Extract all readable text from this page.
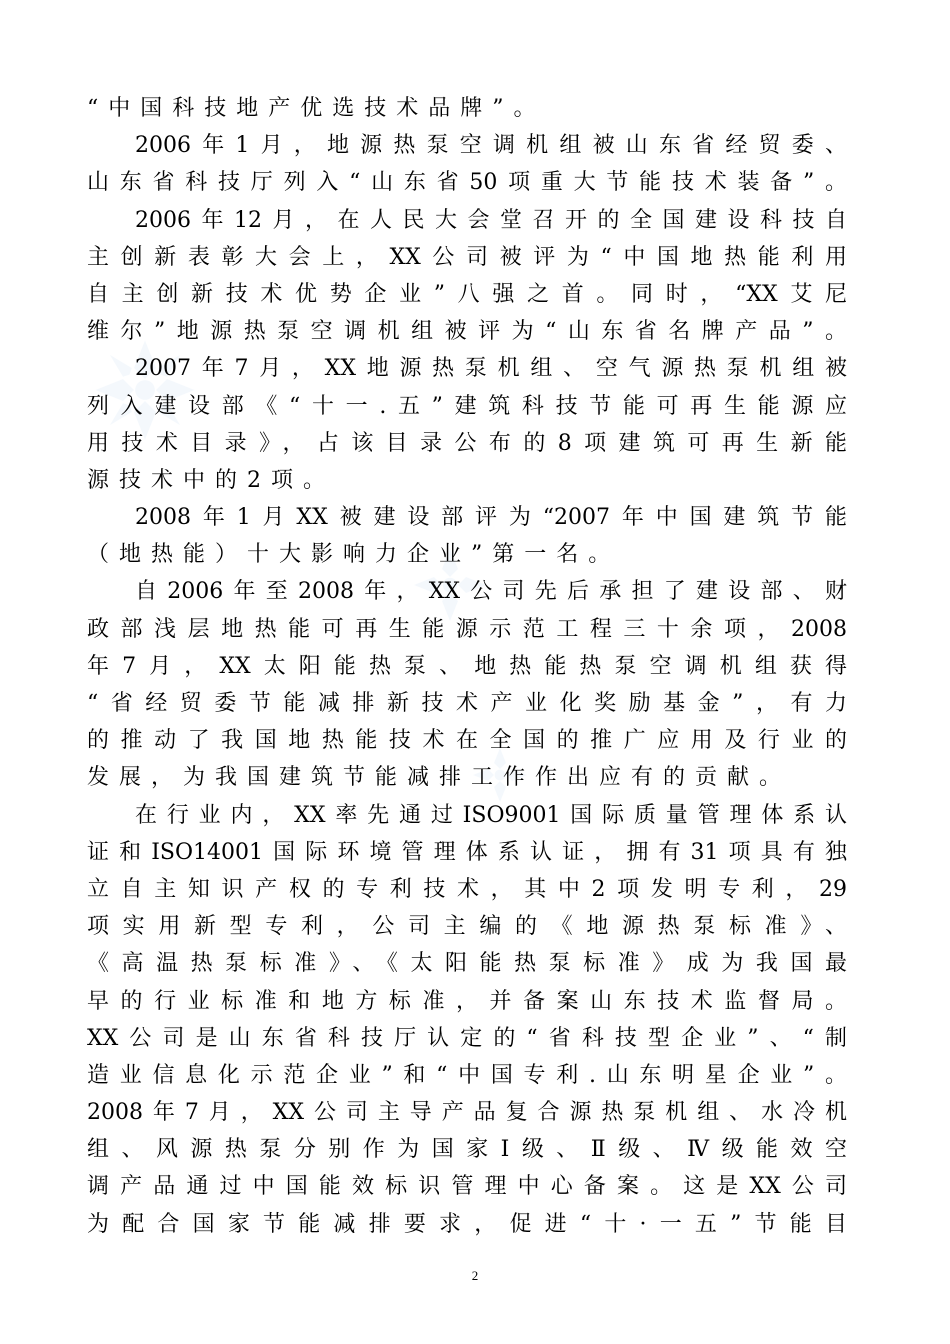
“中国科技地产优选技术品牌”。
2006年1月，地源热泵空调机组被山东省经贸委、
山东省科技厅列入“山东省50项重大节能技术装备”。
2006年12月，在人民大会堂召开的全国建设科技自
主创新表彰大会上，XX公司被评为“中国地热能利用
自主创新技术优势企业”八强之首。同时，“XX艾尼
维尔”地源热泵空调机组被评为“山东省名牌产品”。
2007年7月，XX地源热泵机组、空气源热泵机组被
列入建设部《“十一.五”建筑科技节能可再生能源应
用技术目录》，占该目录公布的8项建筑可再生新能
源技术中的2项。
2008年1月XX被建设部评为“2007年中国建筑节能
（地热能）十大影响力企业”第一名。
自2006年至2008年，XX公司先后承担了建设部、财
政部浅层地热能可再生能源示范工程三十余项，2008
年7月，XX太阳能热泵、地热能热泵空调机组获得
“省经贸委节能减排新技术产业化奖励基金”，有力
的推动了我国地热能技术在全国的推广应用及行业的
发展，为我国建筑节能减排工作作出应有的贡献。
在行业内，XX率先通过ISO9001国际质量管理体系认
证和ISO14001国际环境管理体系认证，拥有31项具有独
立自主知识产权的专利技术，其中2项发明专利，29
项实用新型专利，公司主编的《地源热泵标准》、
《高温热泵标准》、《太阳能热泵标准》成为我国最
早的行业标准和地方标准，并备案山东技术监督局。
XX公司是山东省科技厅认定的“省科技型企业”、“制
造业信息化示范企业”和“中国专利.山东明星企业”。
2008年7月，XX公司主导产品复合源热泵机组、水冷机
组、风源热泵分别作为国家Ⅰ级、Ⅱ级、Ⅳ级能效空
调产品通过中国能效标识管理中心备案。这是XX公司
为配合国家节能减排要求，促进“十·一五”节能目
2
